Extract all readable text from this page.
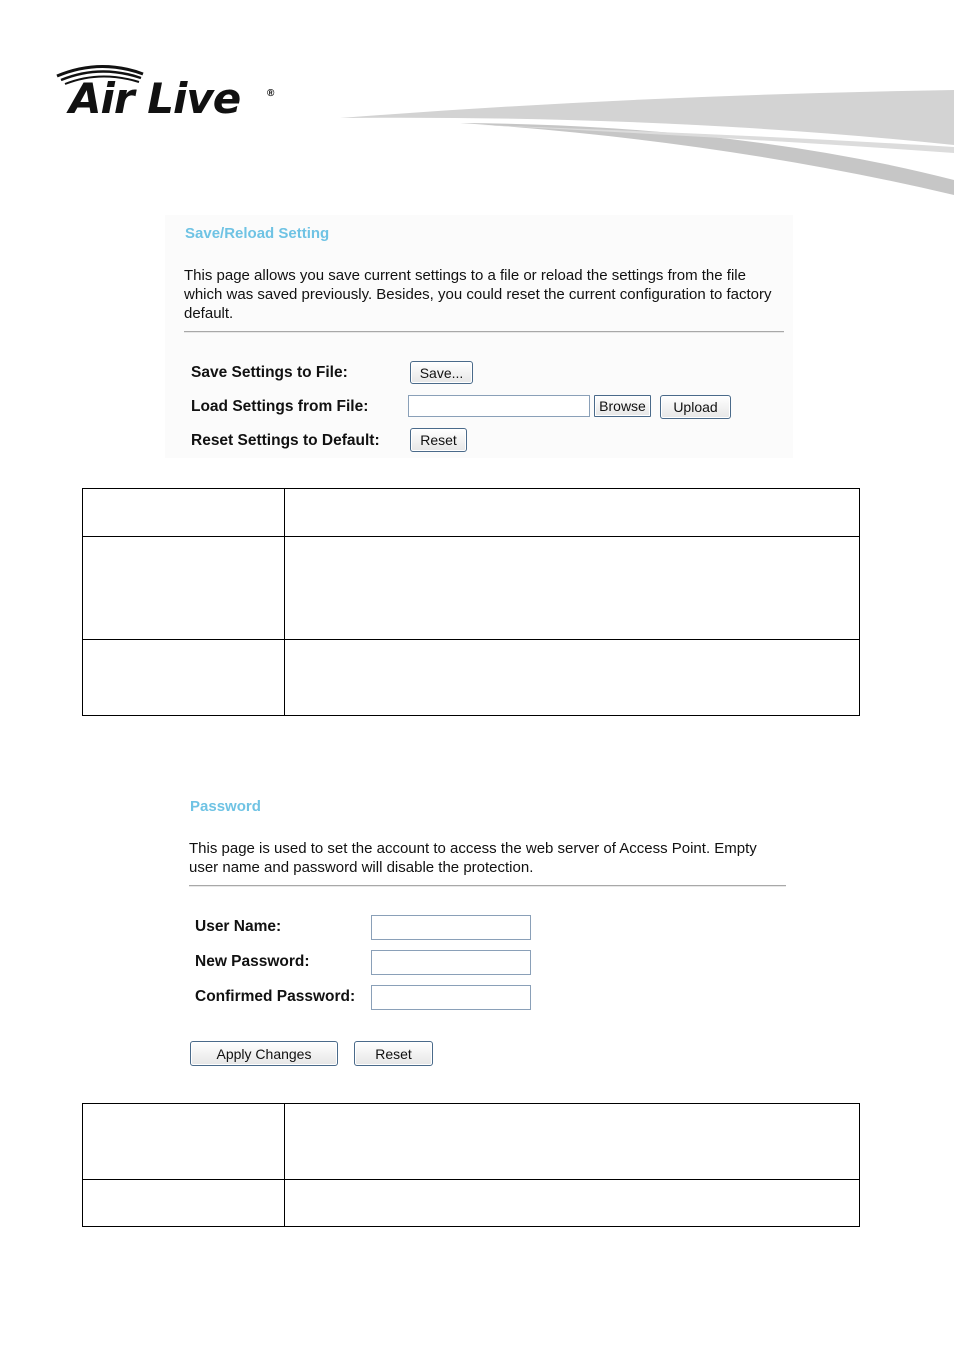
Air Live	®
Save/Reload Setting
This page allows you save current settings to a file or reload the settings from the file which was saved previously. Besides, you could reset the current configuration to factory default.
Save Settings to File:	Save...
Load Settings from File:	Browse	Upload
Reset Settings to Default:	Reset

Password
This page is used to set the account to access the web server of Access Point. Empty user name and password will disable the protection.
User Name:
New Password:
Confirmed Password:
Apply Changes	Reset
